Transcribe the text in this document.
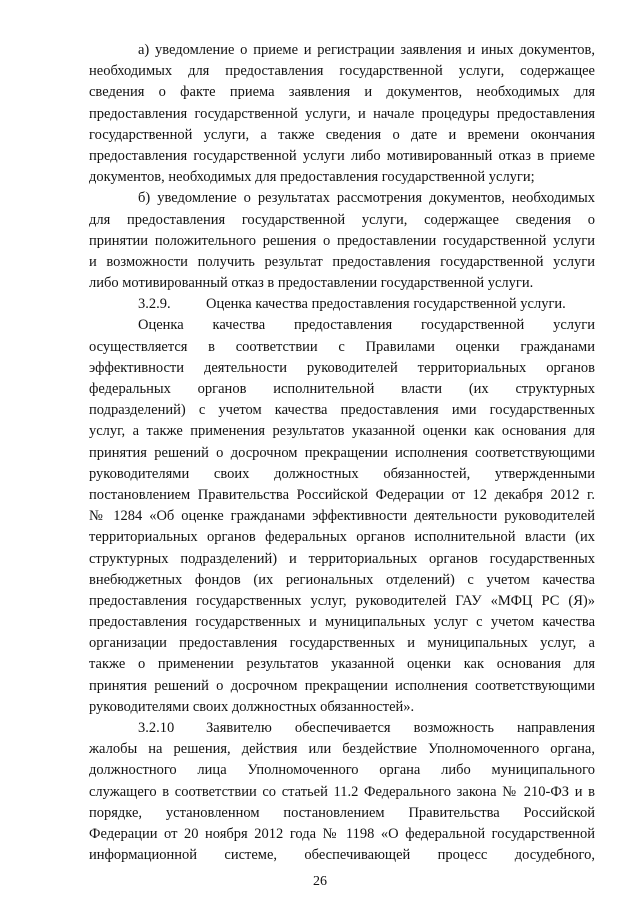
а) уведомление о приеме и регистрации заявления и иных документов,
необходимых для предоставления государственной услуги, содержащее
сведения о факте приема заявления и документов, необходимых для
предоставления государственной услуги, и начале процедуры предоставления
государственной услуги, а также сведения о дате и времени окончания
предоставления государственной услуги либо мотивированный отказ в приеме
документов, необходимых для предоставления государственной услуги;
б) уведомление о результатах рассмотрения документов, необходимых
для предоставления государственной услуги, содержащее сведения о
принятии положительного решения о предоставлении государственной услуги
и возможности получить результат предоставления государственной услуги
либо мотивированный отказ в предоставлении государственной услуги.
3.2.9.	Оценка качества предоставления государственной услуги.
Оценка качества предоставления государственной услуги
осуществляется в соответствии с Правилами оценки гражданами
эффективности деятельности руководителей территориальных органов
федеральных органов исполнительной власти (их структурных
подразделений) с учетом качества предоставления ими государственных
услуг, а также применения результатов указанной оценки как основания для
принятия решений о досрочном прекращении исполнения соответствующими
руководителями своих должностных обязанностей, утвержденными
постановлением Правительства Российской Федерации от 12 декабря 2012 г.
№ 1284 «Об оценке гражданами эффективности деятельности руководителей
территориальных органов федеральных органов исполнительной власти (их
структурных подразделений) и территориальных органов государственных
внебюджетных фондов (их региональных отделений) с учетом качества
предоставления государственных услуг, руководителей ГАУ «МФЦ РС (Я)»
предоставления государственных и муниципальных услуг с учетом качества
организации предоставления государственных и муниципальных услуг, а
также о применении результатов указанной оценки как основания для
принятия решений о досрочном прекращении исполнения соответствующими
руководителями своих должностных обязанностей».
3.2.10	Заявителю обеспечивается возможность направления
жалобы на решения, действия или бездействие Уполномоченного органа,
должностного лица Уполномоченного органа либо муниципального
служащего в соответствии со статьей 11.2 Федерального закона № 210-ФЗ и в
порядке, установленном постановлением Правительства Российской
Федерации от 20 ноября 2012 года № 1198 «О федеральной государственной
информационной системе, обеспечивающей процесс досудебного,
26
